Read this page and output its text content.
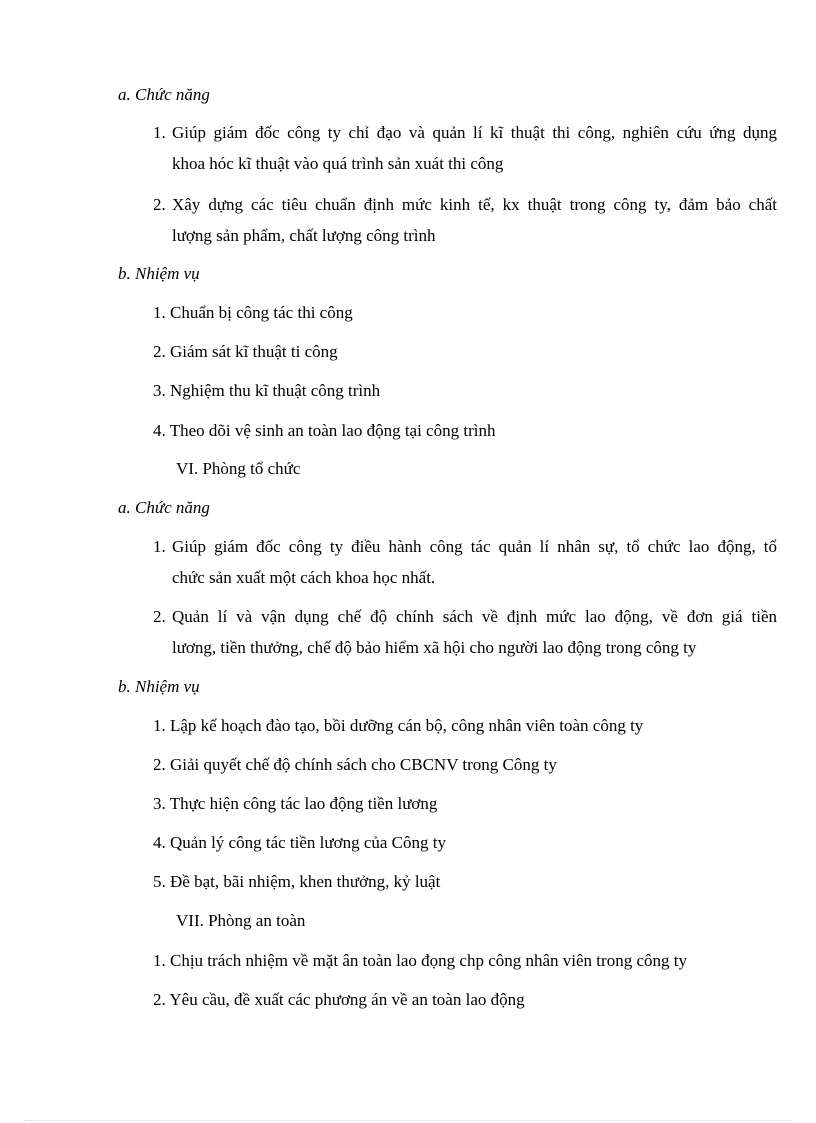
a. Chức năng
1. Giúp giám đốc công ty chỉ đạo và quản lí kĩ thuật thi công, nghiên cứu ứng dụng
khoa hóc kĩ thuật vào quá trình sản xuát thi công
2. Xây dựng các tiêu chuẩn định mức kinh tế, kx thuật trong công ty, đảm bảo chất
lượng sản phẩm, chất lượng công trình
b. Nhiệm vụ
1. Chuẩn bị công tác thi công
2. Giám sát kĩ thuật ti công
3. Nghiệm thu kĩ thuật công trình
4. Theo dõi vệ sinh an toàn lao động tại công trình
VI. Phòng tổ chức
a. Chức năng
1. Giúp giám đốc công ty điều hành công tác quản lí nhân sự, tổ chức lao động, tổ
chức sản xuất một cách khoa học nhất.
2. Quản lí và vận dụng chế độ chính sách về định mức lao động, về đơn giá tiền
lương, tiền thưởng, chế độ bảo hiểm xã hội cho người lao động trong công ty
b. Nhiệm vụ
1. Lập kế hoạch đào tạo, bồi dưỡng cán bộ, công nhân viên toàn công ty
2. Giải quyết chế độ chính sách cho CBCNV trong Công ty
3. Thực hiện công tác lao động tiền lương
4. Quản lý công tác tiền lương của Công ty
5. Đề bạt, bãi nhiệm, khen thưởng, kỷ luật
VII. Phòng an toàn
1. Chịu trách nhiệm về mặt ân toàn lao đọng chp công nhân viên trong công ty
2. Yêu cầu, đề xuất các phương án về an toàn lao động
